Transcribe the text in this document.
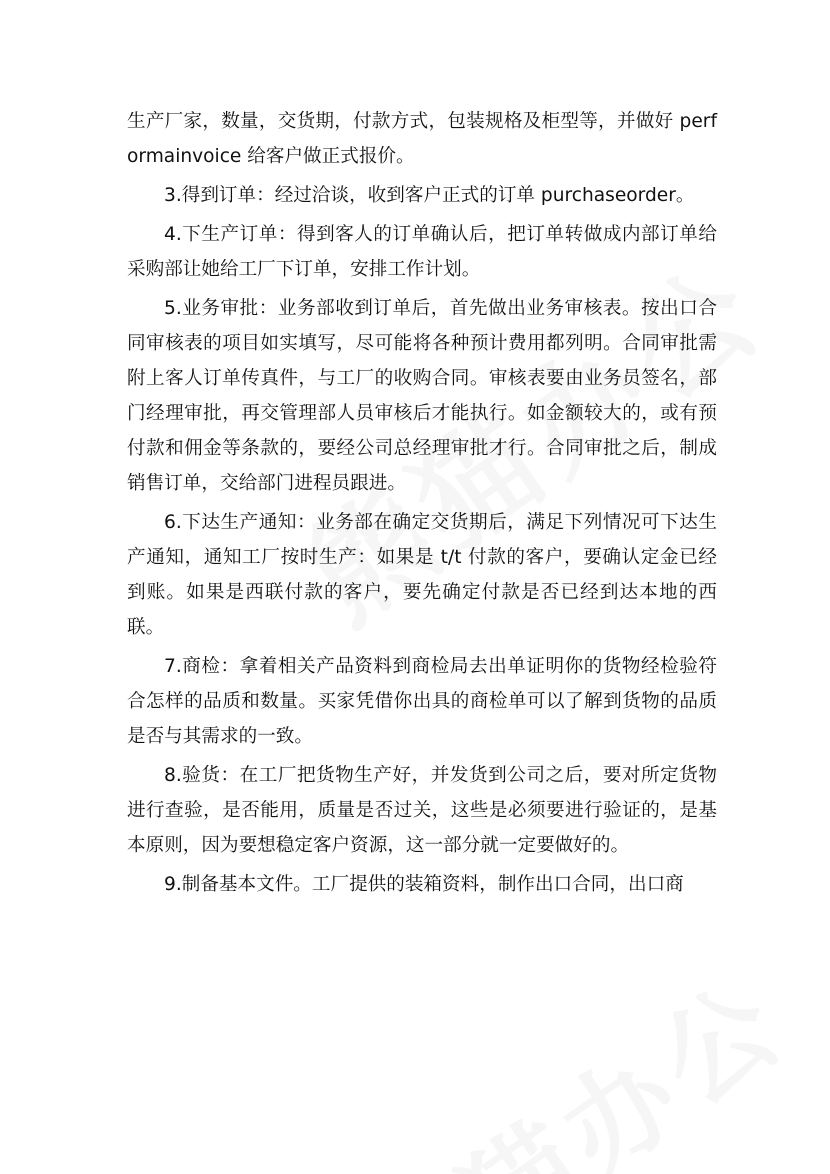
生产厂家，数量，交货期，付款方式，包装规格及柜型等，并做好 performainvoice 给客户做正式报价。

3.得到订单：经过洽谈，收到客户正式的订单 purchaseorder。

4.下生产订单：得到客人的订单确认后，把订单转做成内部订单给采购部让她给工厂下订单，安排工作计划。

5.业务审批：业务部收到订单后，首先做出业务审核表。按出口合同审核表的项目如实填写，尽可能将各种预计费用都列明。合同审批需附上客人订单传真件，与工厂的收购合同。审核表要由业务员签名，部门经理审批，再交管理部人员审核后才能执行。如金额较大的，或有预付款和佣金等条款的，要经公司总经理审批才行。合同审批之后，制成销售订单，交给部门进程员跟进。

6.下达生产通知：业务部在确定交货期后，满足下列情况可下达生产通知，通知工厂按时生产：如果是 t/t 付款的客户，要确认定金已经到账。如果是西联付款的客户，要先确定付款是否已经到达本地的西联。

7.商检：拿着相关产品资料到商检局去出单证明你的货物经检验符合怎样的品质和数量。买家凭借你出具的商检单可以了解到货物的品质是否与其需求的一致。

8.验货：在工厂把货物生产好，并发货到公司之后，要对所定货物进行查验，是否能用，质量是否过关，这些是必须要进行验证的，是基本原则，因为要想稳定客户资源，这一部分就一定要做好的。

9.制备基本文件。工厂提供的装箱资料，制作出口合同，出口商
